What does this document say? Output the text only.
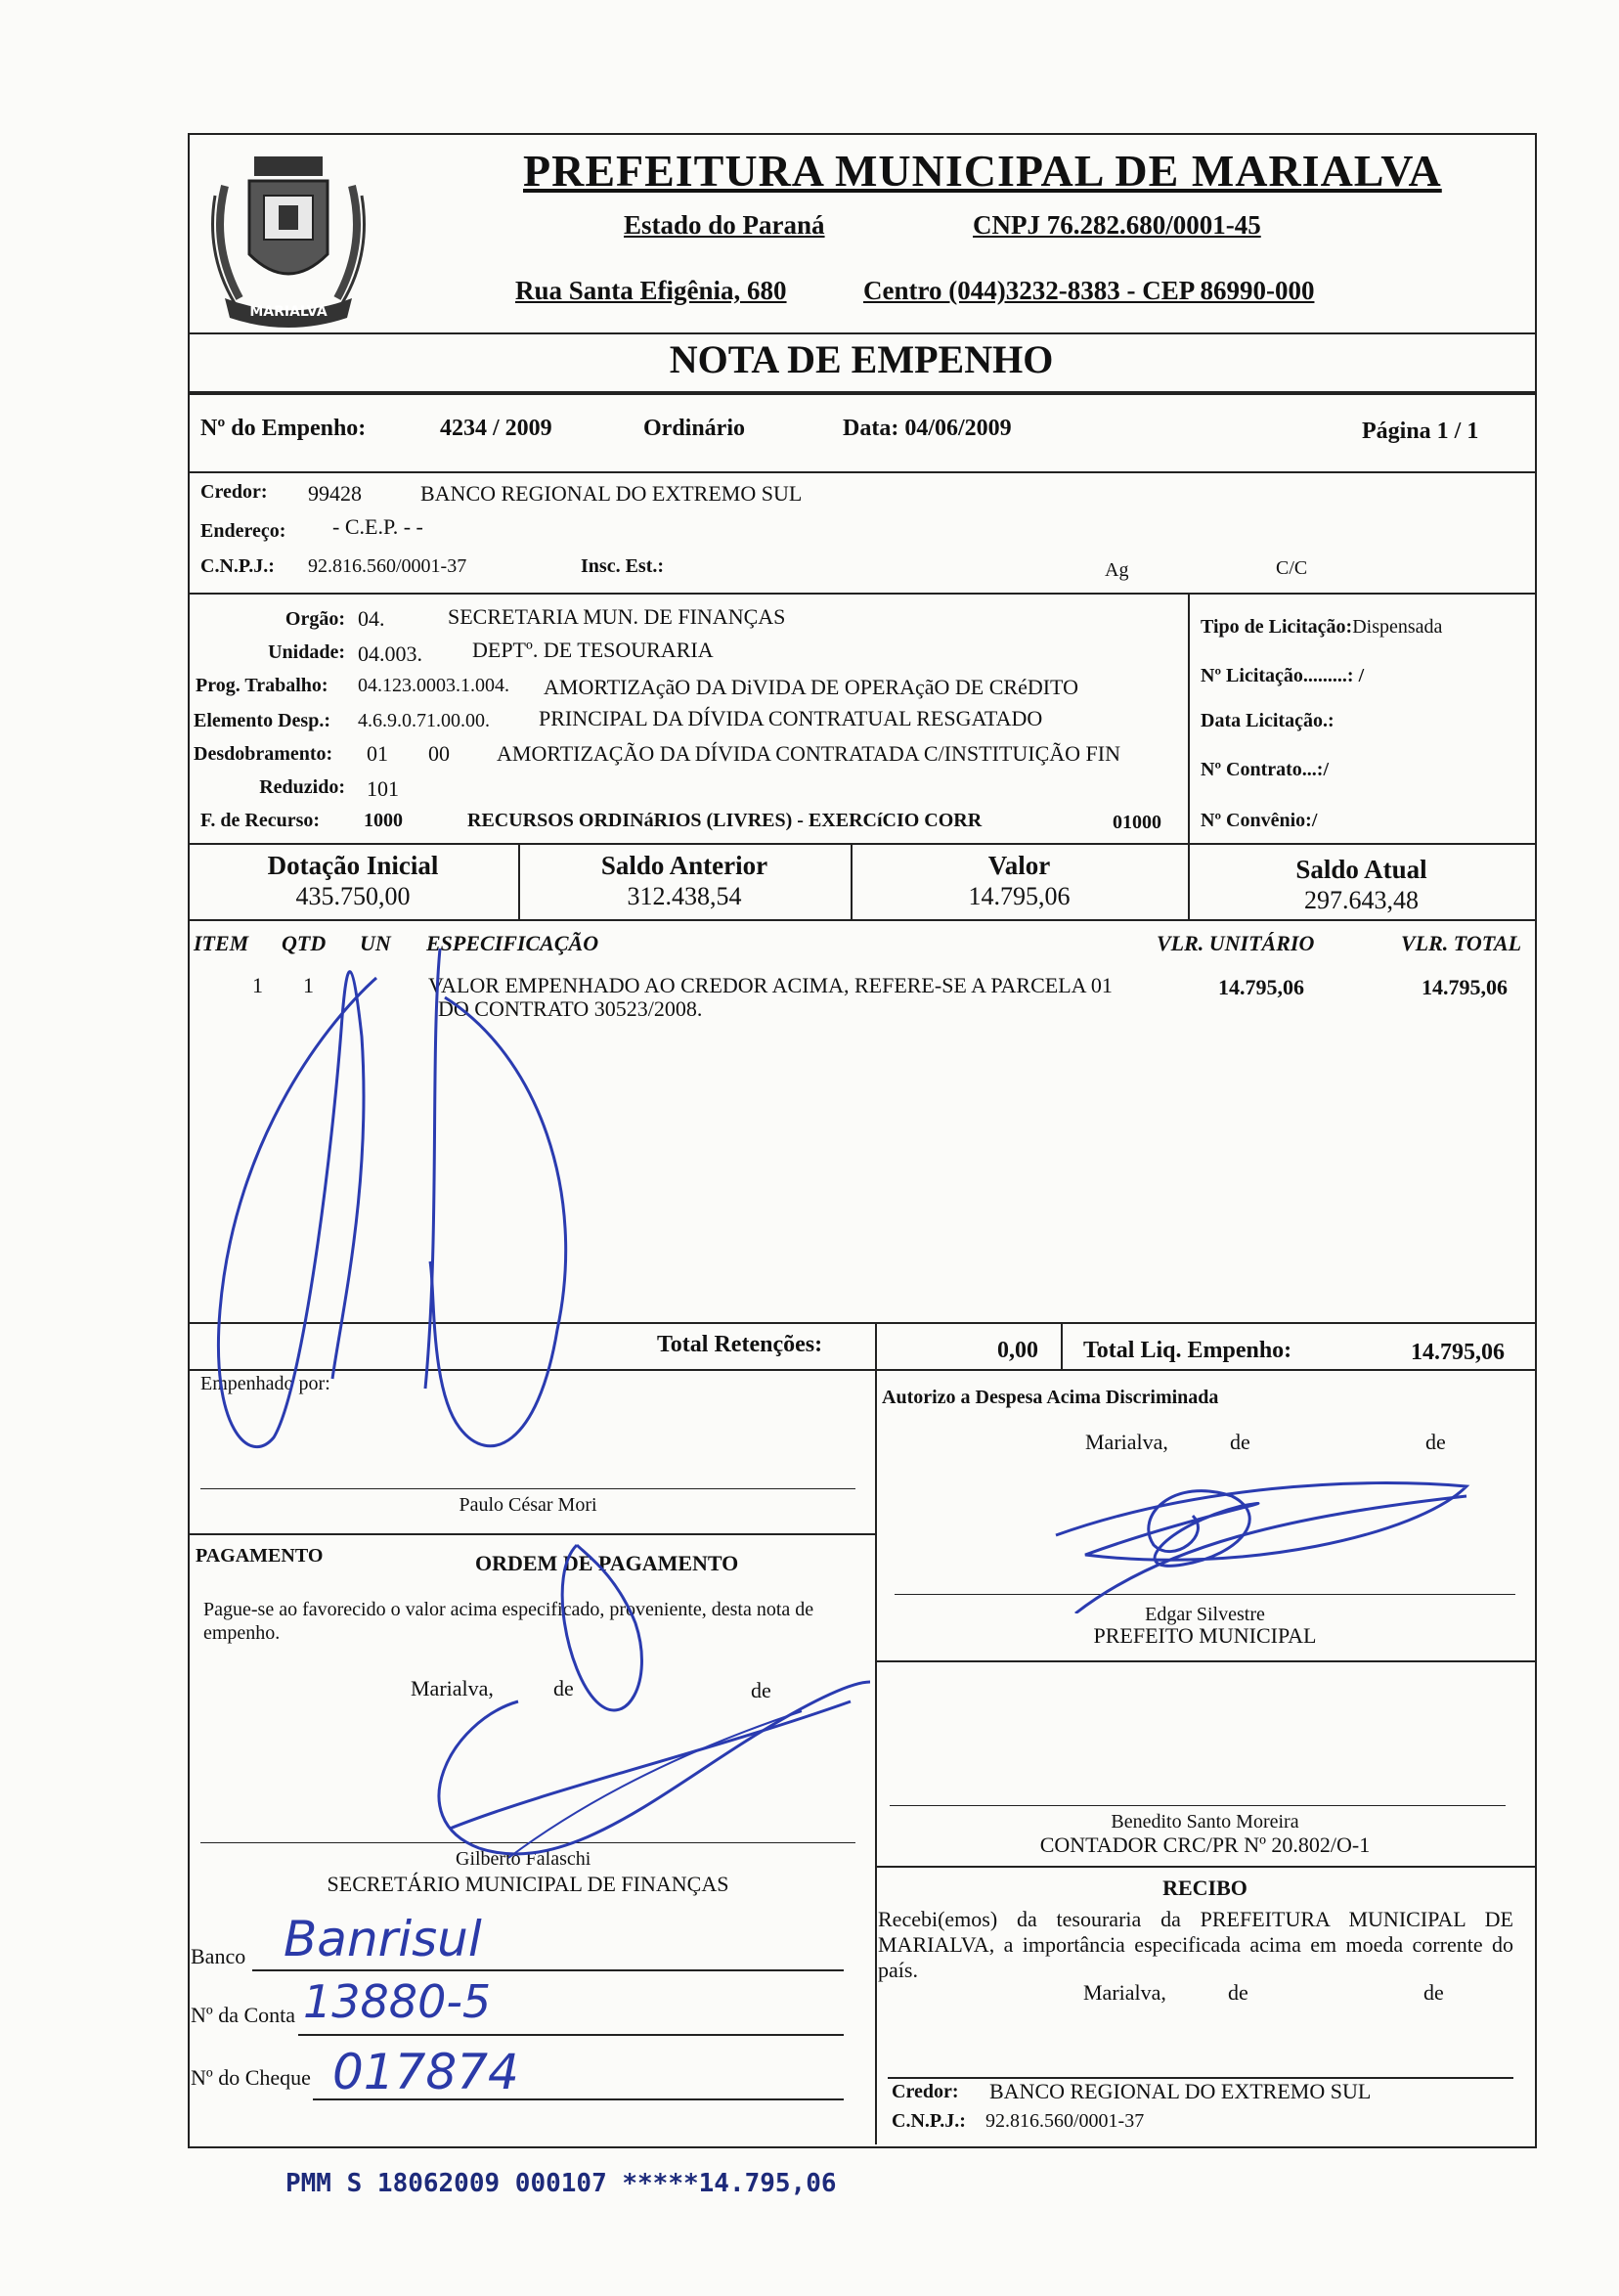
MARIALVA
PREFEITURA MUNICIPAL DE MARIALVA
Estado do Paraná	CNPJ 76.282.680/0001-45
Rua Santa Efigênia, 680	Centro (044)3232-8383 - CEP 86990-000
NOTA DE EMPENHO
Nº do Empenho:	4234 / 2009	Ordinário	Data: 04/06/2009	Página 1 / 1
Credor: 99428	BANCO REGIONAL DO EXTREMO SUL
Endereço: - C.E.P. - -
C.N.P.J.: 92.816.560/0001-37	Insc. Est.:	Ag	C/C
Orgão: 04.	SECRETARIA MUN. DE FINANÇAS
Unidade: 04.003. DEPTº. DE TESOURARIA
Prog. Trabalho: 04.123.0003.1.004. AMORTIZAçãO DA DiVIDA DE OPERAçãO DE CRéDITO
Elemento Desp.: 4.6.9.0.71.00.00. PRINCIPAL DA DÍVIDA CONTRATUAL RESGATADO
Desdobramento: 01 00 AMORTIZAÇÃO DA DÍVIDA CONTRATADA C/INSTITUIÇÃO FIN
Reduzido: 101
F. de Recurso: 1000	RECURSOS ORDINáRIOS (LIVRES) - EXERCíCIO CORR	01000
Tipo de Licitação:Dispensada
Nº Licitação.........: /
Data Licitação.:
Nº Contrato...:/
Nº Convênio:/
Dotação Inicial
435.750,00
Saldo Anterior
312.438,54
Valor
14.795,06
Saldo Atual
297.643,48
ITEM QTD UN ESPECIFICAÇÃO	VLR. UNITÁRIO	VLR. TOTAL
1 1	VALOR EMPENHADO AO CREDOR ACIMA, REFERE-SE A PARCELA 01
DO CONTRATO 30523/2008.
14.795,06	14.795,06
Total Retenções:	0,00 Total Liq. Empenho:	14.795,06
Empenhado por:
Paulo César Mori
Autorizo a Despesa Acima Discriminada
Marialva,	de	de
Edgar Silvestre
PREFEITO MUNICIPAL
PAGAMENTO	ORDEM DE PAGAMENTO
Pague-se ao favorecido o valor acima especificado, proveniente, desta nota de empenho.
Marialva,	de	de
Gilberto Falaschi
SECRETÁRIO MUNICIPAL DE FINANÇAS
Benedito Santo Moreira
CONTADOR CRC/PR Nº 20.802/O-1
RECIBO
Recebi(emos) da tesouraria da PREFEITURA MUNICIPAL DE MARIALVA, a importância especificada acima em moeda corrente do país.
Marialva,	de	de
Credor: BANCO REGIONAL DO EXTREMO SUL
C.N.P.J.: 92.816.560/0001-37
Banco Banrisul
Nº da Conta 13880-5
Nº do Cheque 017874
PMM S 18062009 000107 *****14.795,06
